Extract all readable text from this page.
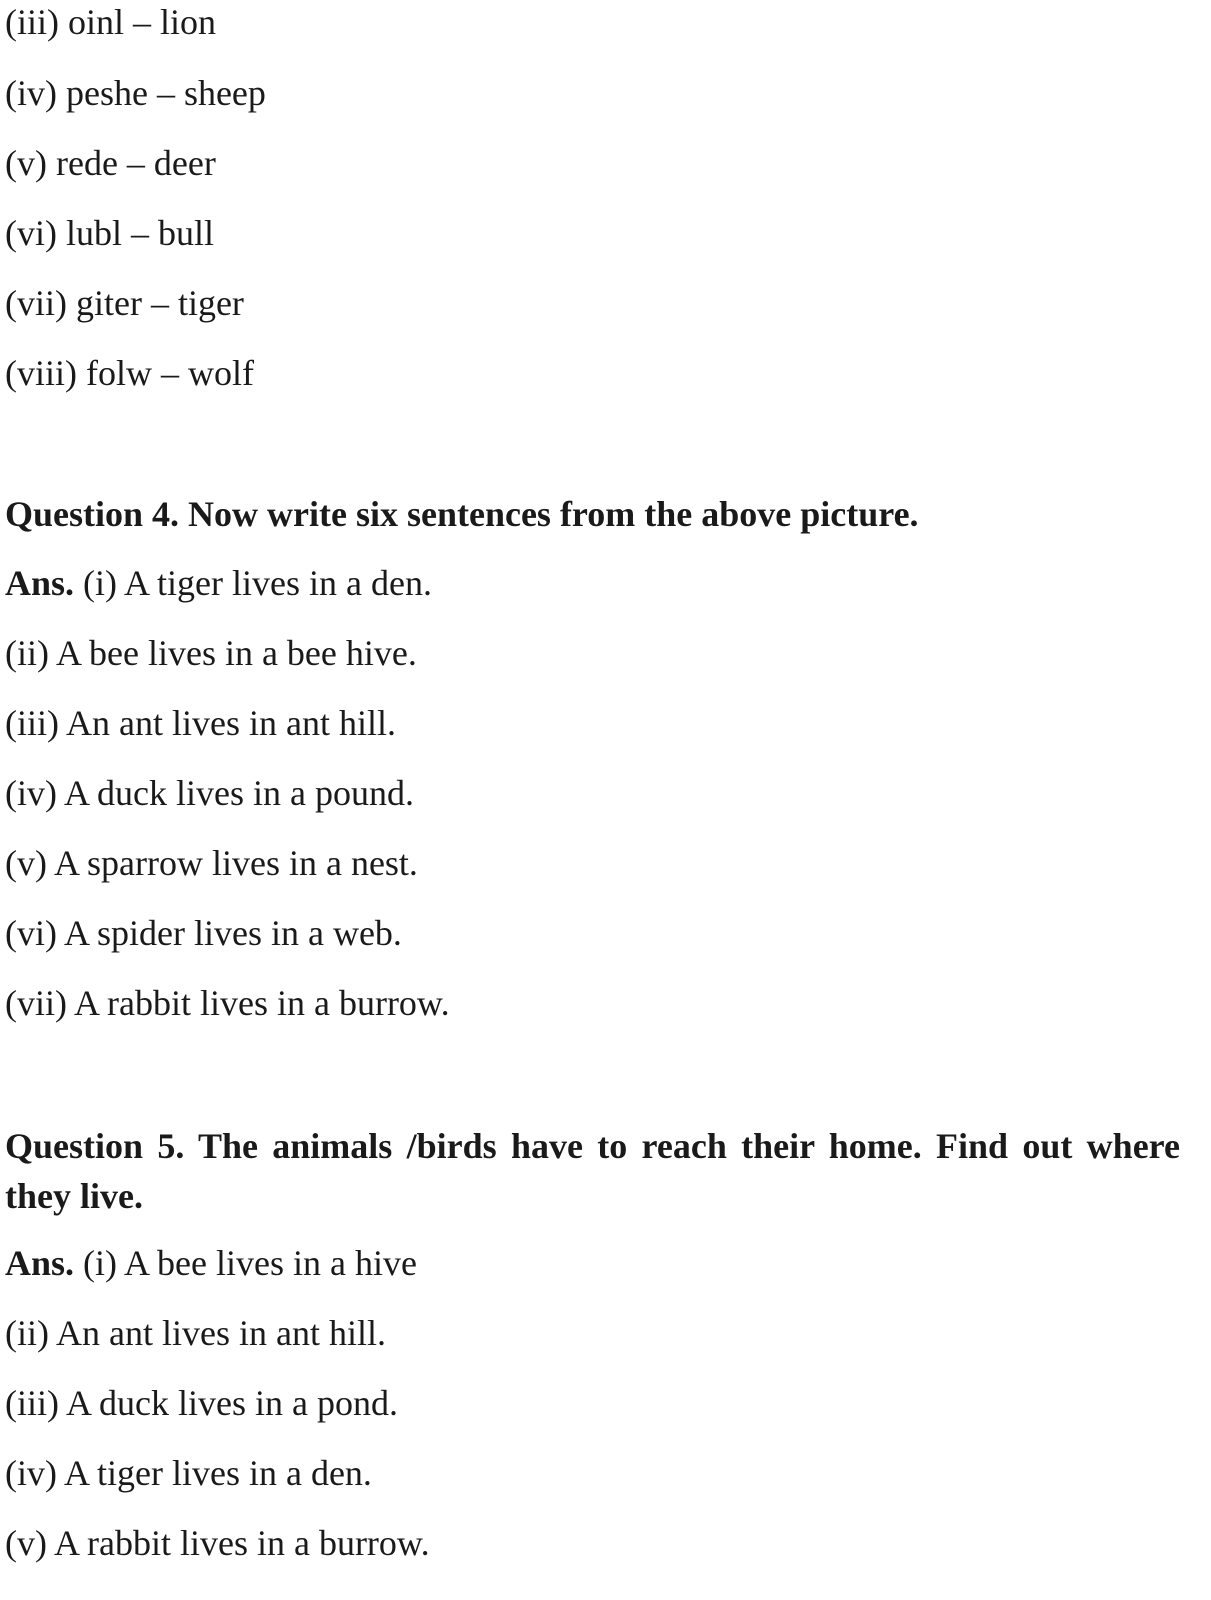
(iii) oinl – lion
(iv) peshe – sheep
(v) rede – deer
(vi) lubl – bull
(vii) giter – tiger
(viii) folw – wolf
Question 4. Now write six sentences from the above picture.
Ans. (i) A tiger lives in a den.
(ii) A bee lives in a bee hive.
(iii) An ant lives in ant hill.
(iv) A duck lives in a pound.
(v) A sparrow lives in a nest.
(vi) A spider lives in a web.
(vii) A rabbit lives in a burrow.
Question 5. The animals /birds have to reach their home. Find out where they live.
Ans. (i) A bee lives in a hive
(ii) An ant lives in ant hill.
(iii) A duck lives in a pond.
(iv) A tiger lives in a den.
(v) A rabbit lives in a burrow.
